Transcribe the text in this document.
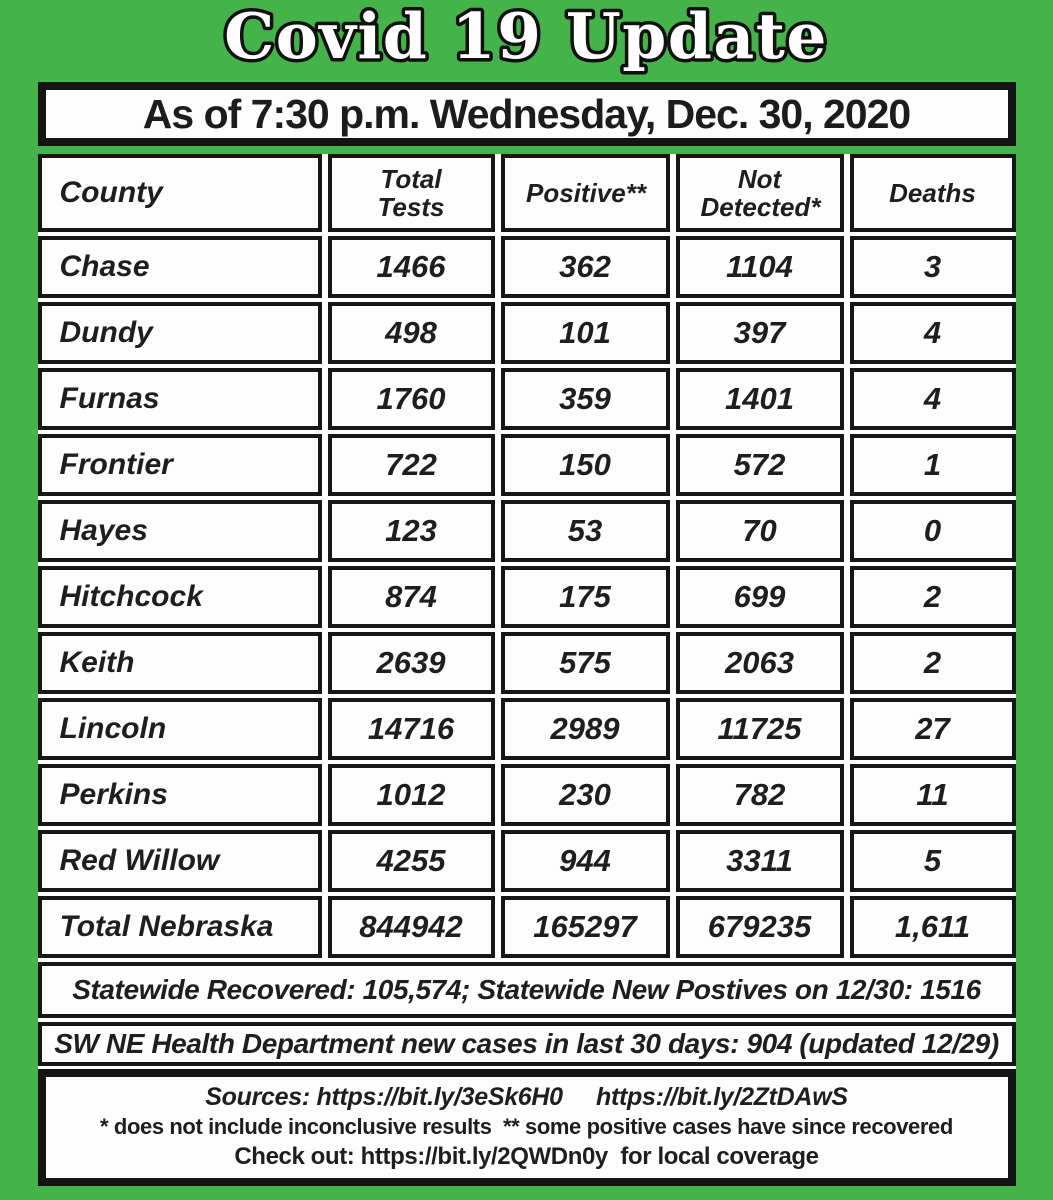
Covid 19 Update
As of 7:30 p.m. Wednesday, Dec. 30, 2020
County	Total Tests	Positive**	Not Detected*	Deaths
Chase	1466	362	1104	3
Dundy	498	101	397	4
Furnas	1760	359	1401	4
Frontier	722	150	572	1
Hayes	123	53	70	0
Hitchcock	874	175	699	2
Keith	2639	575	2063	2
Lincoln	14716	2989	11725	27
Perkins	1012	230	782	11
Red Willow	4255	944	3311	5
Total Nebraska	844942	165297	679235	1,611
Statewide Recovered: 105,574; Statewide New Postives on 12/30: 1516
SW NE Health Department new cases in last 30 days: 904 (updated 12/29)
Sources: https://bit.ly/3eSk6H0     https://bit.ly/2ZtDAwS
* does not include inconclusive results  ** some positive cases have since recovered
Check out: https://bit.ly/2QWDn0y  for local coverage
